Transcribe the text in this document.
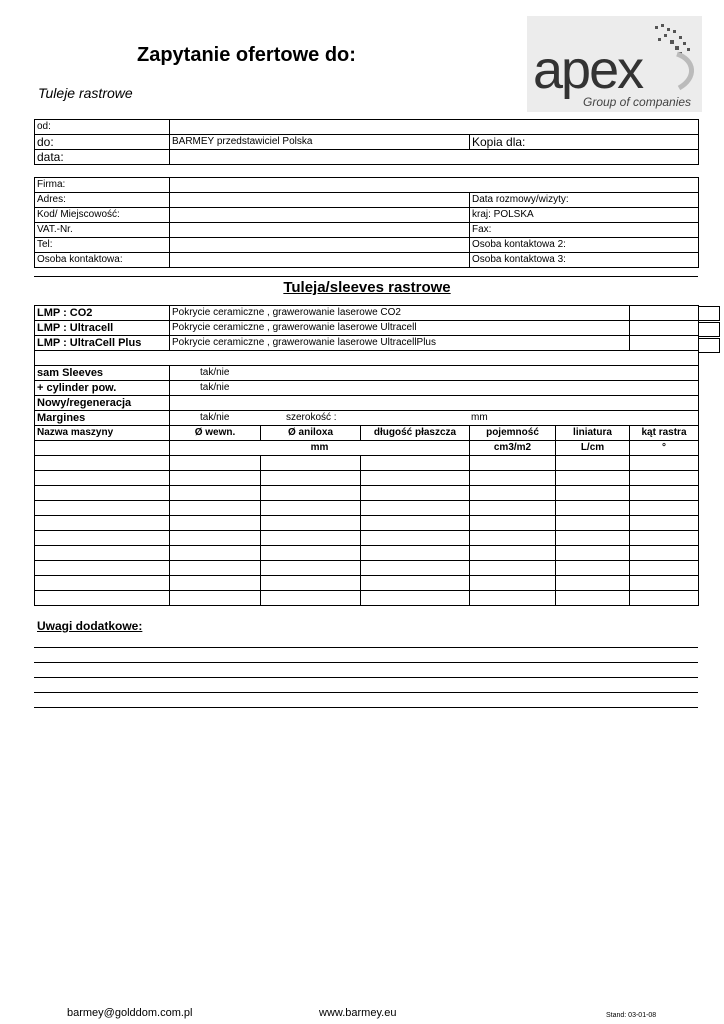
Zapytanie ofertowe do:
Tuleje rastrowe	apex
Group of companies
od:		
do:	BARMEY przedstawiciel Polska	Kopia dla:
data:		
Firma:		
Adres:		Data rozmowy/wizyty:
Kod/ Miejscowość:		kraj: POLSKA
VAT.-Nr.		Fax:
Tel:		Osoba kontaktowa 2:
Osoba kontaktowa:		Osoba kontaktowa 3:
Tuleja/sleeves rastrowe
LMP : CO2	Pokrycie ceramiczne , grawerowanie laserowe CO2					
LMP : Ultracell	Pokrycie ceramiczne , grawerowanie laserowe Ultracell					
LMP : UltraCell Plus	Pokrycie ceramiczne , grawerowanie laserowe UltracellPlus					

sam Sleeves	tak/nie					
+ cylinder pow.	tak/nie					
Nowy/regeneracja						
Margines	tak/nie szerokość : mm					
Nazwa maszyny	Ø wewn.	Ø aniloxa	długość płaszcza	pojemność	liniatura	kąt rastra
	mm			cm3/m2	L/cm	°

Uwagi dodatkowe:
barmey@golddom.com.pl	www.barmey.eu	Stand: 03-01-08
